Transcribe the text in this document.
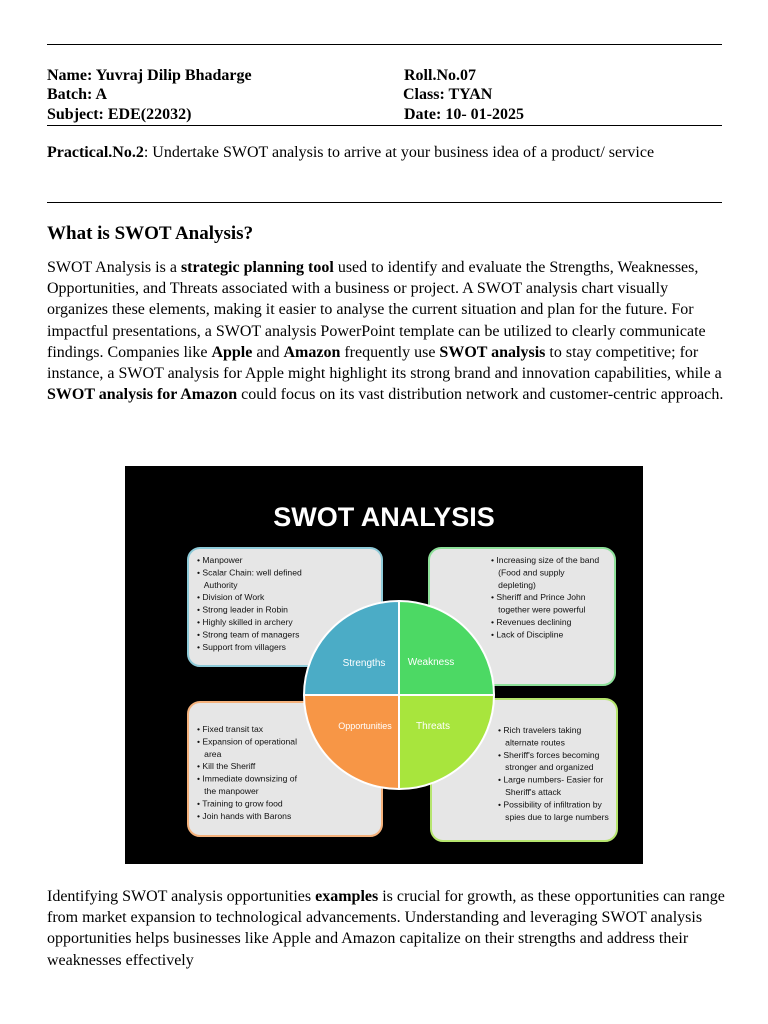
Name: Yuvraj Dilip Bhadarge	Roll.No.07
Batch: A	Class: TYAN
Subject: EDE(22032)	Date: 10- 01-2025
Practical.No.2: Undertake SWOT analysis to arrive at your business idea of a product/ service
What is SWOT Analysis?
SWOT Analysis is a strategic planning tool used to identify and evaluate the Strengths, Weaknesses, Opportunities, and Threats associated with a business or project. A SWOT analysis chart visually organizes these elements, making it easier to analyse the current situation and plan for the future. For impactful presentations, a SWOT analysis PowerPoint template can be utilized to clearly communicate findings. Companies like Apple and Amazon frequently use SWOT analysis to stay competitive; for instance, a SWOT analysis for Apple might highlight its strong brand and innovation capabilities, while a SWOT analysis for Amazon could focus on its vast distribution network and customer-centric approach.
SWOT ANALYSIS
• Manpower
• Scalar Chain: well defined
Authority
• Division of Work
• Strong leader in Robin
• Highly skilled in archery
• Strong team of managers
• Support from villagers
• Increasing size of the band
(Food and supply
depleting)
• Sheriff and Prince John
together were powerful
• Revenues declining
• Lack of Discipline
• Fixed transit tax
• Expansion of operational
area
• Kill the Sheriff
• Immediate downsizing of
the manpower
• Training to grow food
• Join hands with Barons
• Rich travelers taking
alternate routes
• Sheriff's forces becoming
stronger and organized
• Large numbers- Easier for
Sheriff's attack
• Possibility of infiltration by
spies due to large numbers
Strengths Weakness
Opportunities Threats
Identifying SWOT analysis opportunities examples is crucial for growth, as these opportunities can range from market expansion to technological advancements. Understanding and leveraging SWOT analysis opportunities helps businesses like Apple and Amazon capitalize on their strengths and address their weaknesses effectively
